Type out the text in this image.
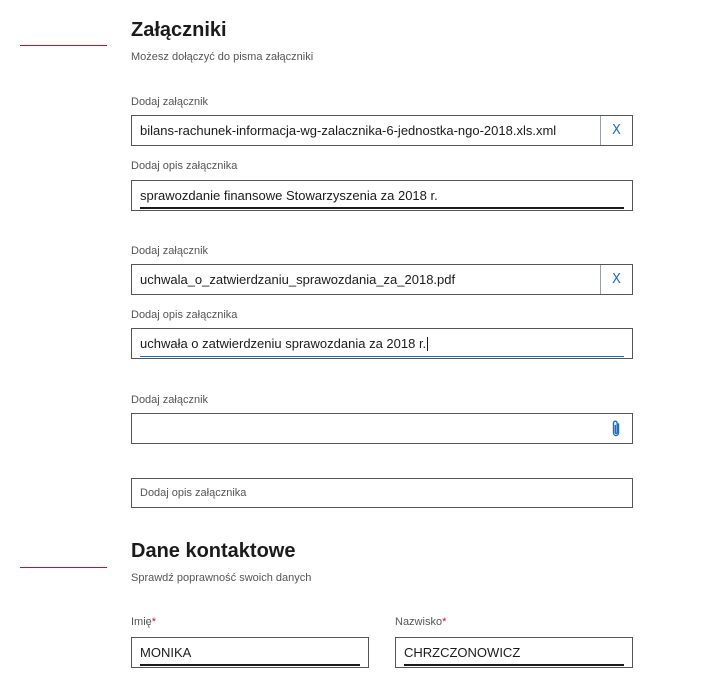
Załączniki
Możesz dołączyć do pisma załączniki
Dodaj załącznik
bilans-rachunek-informacja-wg-zalacznika-6-jednostka-ngo-2018.xls.xml	X
Dodaj opis załącznika
sprawozdanie finansowe Stowarzyszenia za 2018 r.
Dodaj załącznik
uchwala_o_zatwierdzaniu_sprawozdania_za_2018.pdf	X
Dodaj opis załącznika
uchwała o zatwierdzeniu sprawozdania za 2018 r.
Dodaj załącznik
Dodaj opis załącznika
Dane kontaktowe
Sprawdź poprawność swoich danych
Imię*
MONIKA
Nazwisko*
CHRZCZONOWICZ
